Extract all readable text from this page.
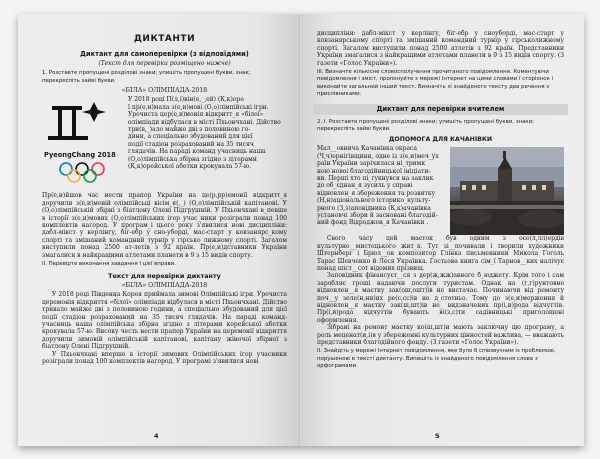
ДИКТАНТИ
Диктант для самоперевірки (з відповідями)
(Текст для перевірки розміщено нижче)
1. Розставте пропущені розділові знаки; упишіть пропущені букви, знак; перекресліть зайві букви.
«БІЛА» ОЛІМПІАДА-2018
PyeongChang 2018
У 2018 році П(л,і)він(е,_,ей) (К,к)оре
ї пр(е,и)мала з(е,и)мові (О,о)лімпійські ігри.
Урочиста цер(е,и)монія відкритт_я «білої»
олімпіади відбулася в місті Пхьончхані. Дійство
три(в,_)ало майже дві з половиною го-
дини, а спеціально збудований для цієї
події стадіон розрахований на 35 тисяч
глядачів. На параді команд учасниць наша
(О,о)лімпійська збірна згідно з літерами
(К,к)орейської абетки крокувала 57-ю.

Пр(е,и)йшов час нести прапор України на це(р,рр)емонії відкритт_я доручили з(е,и)мовій олімпійсьці вісім_я(,_) (О,о)лімпійській капітанові. У (О,о)лімпійській збірні з біатлону Олені Підгрушній. У Пхьончхані в_певше в історії з(е,и)мових (О,о)лімпійських ігор учас_ники розіграли понад 100 комплектів нагород. У програм_і цього року з'явилися нові дисципліни: дабл-мікст у керлінгу, біг-ебр у сно-уборді, мас-старт у ковзанярс_кому спорті та змішаний командний турнір у гірсько_лижному спорті. Загалом виступили понад 2500 ат-летів з 92 країн. Пр(е,и)дставники України змагалися в найкращими атлетами планети в 9 з 15 видів спорту.

II. Перевірте виконання завдання І цієї вправи.
Текст для перевірки диктанту
«БІЛА» ОЛІМПІАДА-2018

У 2018 році Південна Корея приймала зимові Олімпійські ігри. Урочиста церемонія відкриття «білої» олімпіади відбулася в місті Пхьончхані. Дійство тривало майже дві з половиною години, а спеціально збудований для цієї події стадіон розрахований на 35 тисяч глядачів. На параді команд-учасниць наша олімпійська збірна згідно з літерами корейської абетки крокувала 57-ю. Високу честь нести прапор України на церемонії відкриття доручили зимовій олімпійській капітанові, капітану жіночої збірної з біатлону Олені Підгрушній.

У Пхьончхані вперше в історії зимових Олімпійських ігор учасники розіграли понад 100 комплектів нагород. У програмі з'явилися нові

4

дисципліни: дабл-мікст у керлінгу, біг-ебр у сноуборді, мас-старт у ковзанярському спорті та змішаний командний турнір у гірськолижному спорті. Загалом виступили понад 2500 атлетів з 92 країн. Представники України змагалися з найкращими атлетами планети в 9 з 15 видів спорту. (З газети «Голос України»).

ІІІ. Визначте кількісне словосполучення прочитаного повідомлення. Коментуючи повідомлення і зміст, пропонуйте з мережі Інтернет на цими словами ї сторіонок і виконайте загальний інший текст. Визначіть зі знайденого тексту два речення з прислівниками.
Диктант для перевірки вчителем
2. І. Розставте пропущені розділові знаки; упишіть пропущені букви, знаки; перекресліть зайві букви.
ДОПОМОГА ДЛЯ КАЧАНІВКИ
Мал__овнича Качанівка окраса
(Ч,ч)ернігівщини, одне із з(е,и)меч_ух
раїн України зарічилася ні_тримк
ною новоі благодійницької ініціати-
ви. Перші хто пі_гукнувся на заклик
до об_єднан_я зусиль у справі
відновлен_я збереження та розвитку
(Н,н)аціонального історико_культу-
рного (З,з)аповідника (К,к)ачанівка
установчі збори й засновані благодій-
ний фонд Відроджен_я Качанівки .

Свого часу цей маєток був одним з осе(л,лл)ердів культурно__мистецького жит_я. Тут зі__почивали і творили художники Штернберг і Брюл__ов композитор Глінка письменники Микола Гоголь Тарас Шевченко й Леся Українка. Гостьова книга сім_ї Тарнов__ких налічує понад шіст__сот відомих прізвищ.

Заповідник фінансуєт__ся з дер(ж,жж)авного б_юджету. Крім того і сам заробляє гроші надаючи послуги туристам. Однак на (г,г)рунтовне відновлен__я маєтку зак(ош,ошт)ів не вистачає. Починаючи від ремонту поч__у зеле(н,нн)их ре(с,сс)ів не д_стотньо. Тому до з(е,и)мерження й відновлен__я маєтку зак(ш,шт)ів не_ видзначених пр(і,и)рода відчуттів. Пр(і,и)рода відчуттів бувають ві(з,с)ти садівницькі приголошені оформлення.

Зібрані на ремонт маєтку ко(ш,шт)и мають заключну цю програму, а роль меценат(и,і)в у збереженні культурних цінностей важлива, — вважають представники благодійного фонду. (З газети «Голос України»).

ІІ. Знайдіть у мережі Інтернет повідомлення, яке було б співзвучним із проблемою, порушеною в тексті диктанту. Випишіть із знайденого повідомлення слова з орфограмами.
5
